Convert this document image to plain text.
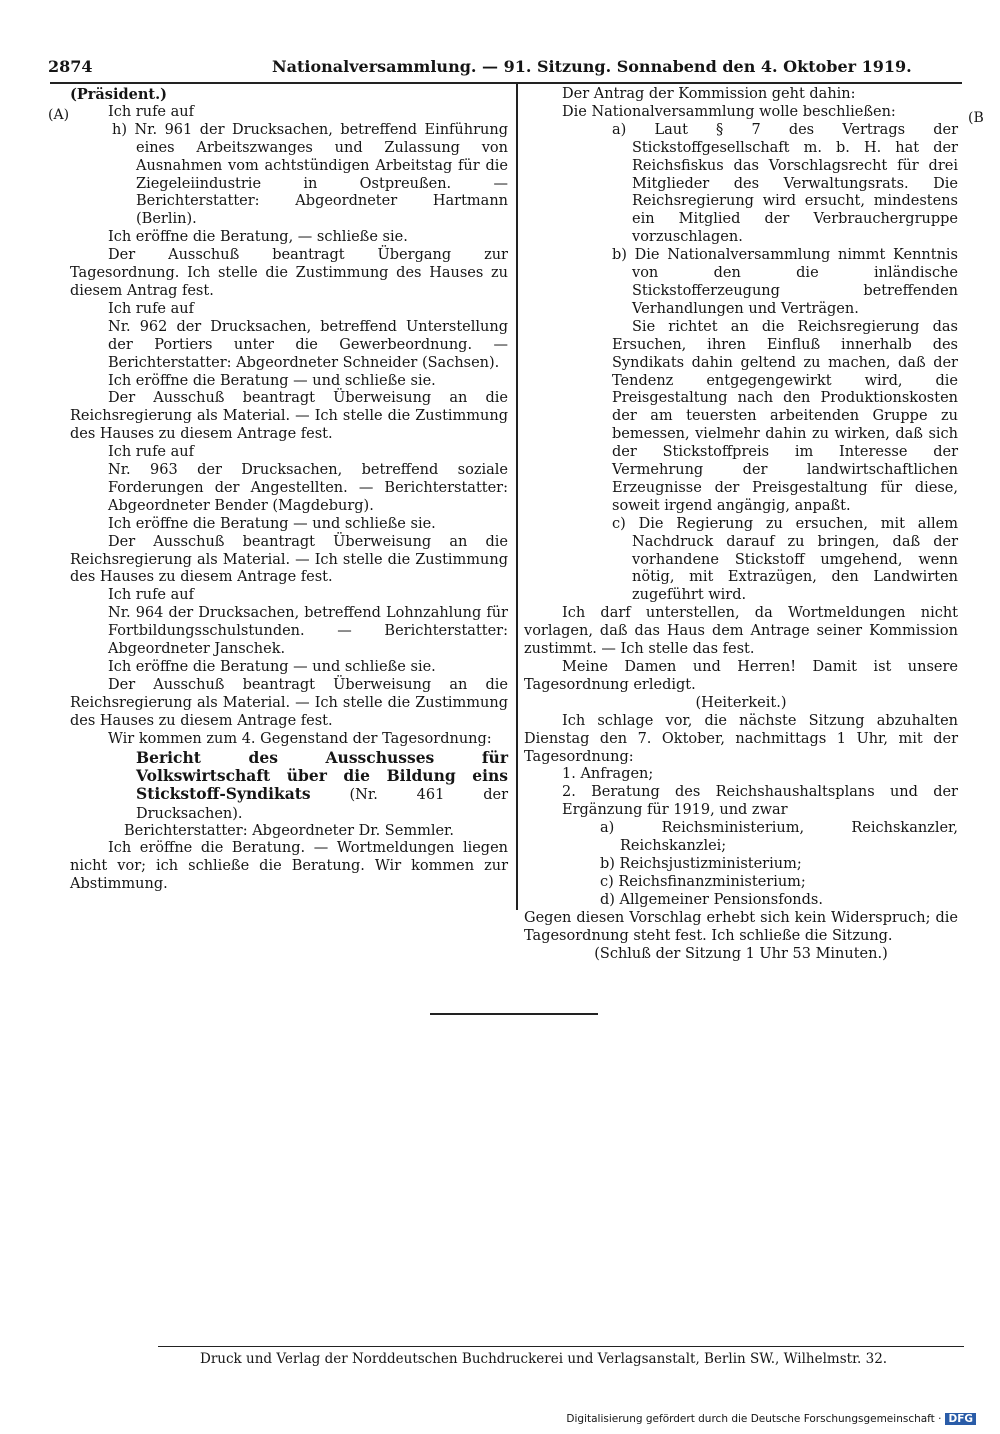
2874	Nationalversammlung. — 91. Sitzung. Sonnabend den 4. Oktober 1919.
(A)	(B

(Präsident.)

Ich rufe auf

h) Nr. 961 der Drucksachen, betreffend Einführung eines Arbeitszwanges und Zulassung von Ausnahmen vom achtstündigen Arbeitstag für die Ziegeleiindustrie in Ostpreußen. — Berichterstatter: Abgeordneter Hartmann (Berlin).

Ich eröffne die Beratung, — schließe sie.

Der Ausschuß beantragt Übergang zur Tagesordnung. Ich stelle die Zustimmung des Hauses zu diesem Antrag fest.

Ich rufe auf

Nr. 962 der Drucksachen, betreffend Unterstellung der Portiers unter die Gewerbeordnung. — Berichterstatter: Abgeordneter Schneider (Sachsen).

Ich eröffne die Beratung — und schließe sie.

Der Ausschuß beantragt Überweisung an die Reichsregierung als Material. — Ich stelle die Zustimmung des Hauses zu diesem Antrage fest.

Ich rufe auf

Nr. 963 der Drucksachen, betreffend soziale Forderungen der Angestellten. — Berichterstatter: Abgeordneter Bender (Magdeburg).

Ich eröffne die Beratung — und schließe sie.

Der Ausschuß beantragt Überweisung an die Reichsregierung als Material. — Ich stelle die Zustimmung des Hauses zu diesem Antrage fest.

Ich rufe auf

Nr. 964 der Drucksachen, betreffend Lohnzahlung für Fortbildungsschulstunden. — Berichterstatter: Abgeordneter Janschek.

Ich eröffne die Beratung — und schließe sie.

Der Ausschuß beantragt Überweisung an die Reichsregierung als Material. — Ich stelle die Zustimmung des Hauses zu diesem Antrage fest.

Wir kommen zum 4. Gegenstand der Tagesordnung:

Bericht des Ausschusses für Volkswirtschaft über die Bildung eins Stickstoff-Syndikats (Nr. 461 der Drucksachen).

Berichterstatter: Abgeordneter Dr. Semmler.

Ich eröffne die Beratung. — Wortmeldungen liegen nicht vor; ich schließe die Beratung. Wir kommen zur Abstimmung.

Der Antrag der Kommission geht dahin:

Die Nationalversammlung wolle beschließen:

a) Laut § 7 des Vertrags der Stickstoffgesellschaft m. b. H. hat der Reichsfiskus das Vorschlagsrecht für drei Mitglieder des Verwaltungsrats. Die Reichsregierung wird ersucht, mindestens ein Mitglied der Verbrauchergruppe vorzuschlagen.

b) Die Nationalversammlung nimmt Kenntnis von den die inländische Stickstofferzeugung betreffenden Verhandlungen und Verträgen.

Sie richtet an die Reichsregierung das Ersuchen, ihren Einfluß innerhalb des Syndikats dahin geltend zu machen, daß der Tendenz entgegengewirkt wird, die Preisgestaltung nach den Produktionskosten der am teuersten arbeitenden Gruppe zu bemessen, vielmehr dahin zu wirken, daß sich der Stickstoffpreis im Interesse der Vermehrung der landwirtschaftlichen Erzeugnisse der Preisgestaltung für diese, soweit irgend angängig, anpaßt.

c) Die Regierung zu ersuchen, mit allem Nachdruck darauf zu bringen, daß der vorhandene Stickstoff umgehend, wenn nötig, mit Extrazügen, den Landwirten zugeführt wird.

Ich darf unterstellen, da Wortmeldungen nicht vorlagen, daß das Haus dem Antrage seiner Kommission zustimmt. — Ich stelle das fest.

Meine Damen und Herren! Damit ist unsere Tagesordnung erledigt.

(Heiterkeit.)

Ich schlage vor, die nächste Sitzung abzuhalten Dienstag den 7. Oktober, nachmittags 1 Uhr, mit der Tagesordnung:

1. Anfragen;

2. Beratung des Reichshaushaltsplans und der Ergänzung für 1919, und zwar

a) Reichsministerium, Reichskanzler, Reichskanzlei;

b) Reichsjustizministerium;

c) Reichsfinanzministerium;

d) Allgemeiner Pensionsfonds.

Gegen diesen Vorschlag erhebt sich kein Widerspruch; die Tagesordnung steht fest. Ich schließe die Sitzung.

(Schluß der Sitzung 1 Uhr 53 Minuten.)

Druck und Verlag der Norddeutschen Buchdruckerei und Verlagsanstalt, Berlin SW., Wilhelmstr. 32.
Digitalisierung gefördert durch die Deutsche Forschungsgemeinschaft · DFG
